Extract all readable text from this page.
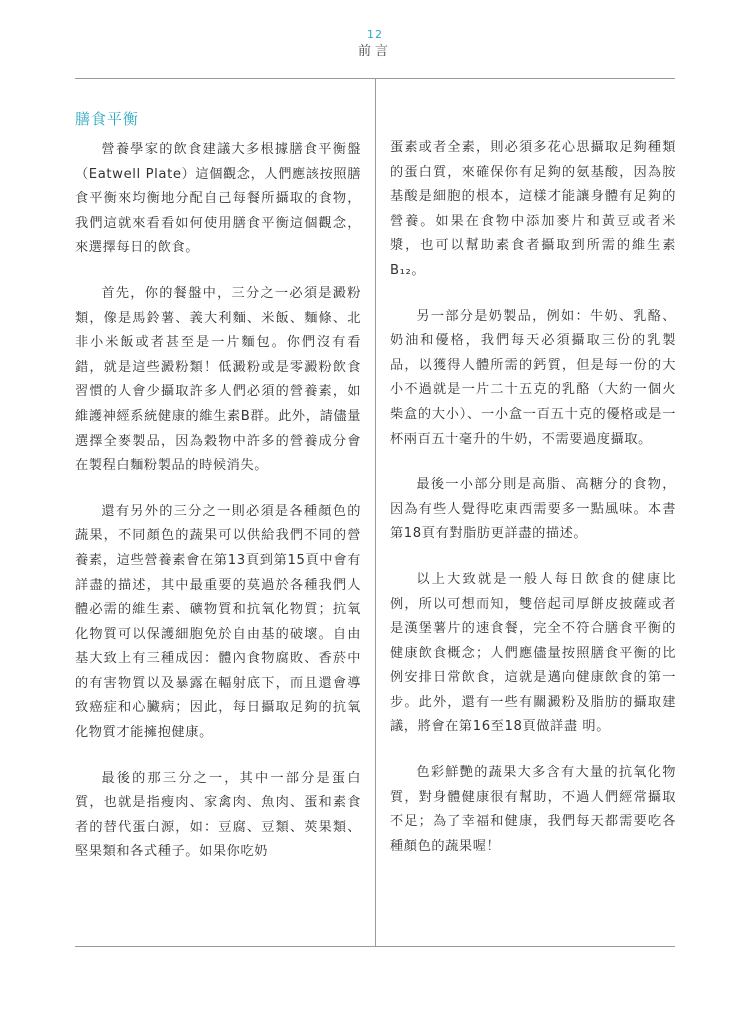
12
前言
膳食平衡

營養學家的飲食建議大多根據膳食平衡盤（Eatwell Plate）這個觀念，人們應該按照膳食平衡來均衡地分配自己每餐所攝取的食物，我們這就來看看如何使用膳食平衡這個觀念，來選擇每日的飲食。

首先，你的餐盤中，三分之一必須是澱粉類，像是馬鈴薯、義大利麵、米飯、麵條、北非小米飯或者甚至是一片麵包。你們沒有看錯，就是這些澱粉類！低澱粉或是零澱粉飲食習慣的人會少攝取許多人們必須的營養素，如維護神經系統健康的維生素B群。此外，請儘量選擇全麥製品，因為穀物中許多的營養成分會在製程白麵粉製品的時候消失。

還有另外的三分之一則必須是各種顏色的蔬果，不同顏色的蔬果可以供給我們不同的營養素，這些營養素會在第13頁到第15頁中會有詳盡的描述，其中最重要的莫過於各種我們人體必需的維生素、礦物質和抗氧化物質；抗氧化物質可以保護細胞免於自由基的破壞。自由基大致上有三種成因：體內食物腐敗、香菸中的有害物質以及暴露在輻射底下，而且還會導致癌症和心臟病；因此，每日攝取足夠的抗氧化物質才能擁抱健康。

最後的那三分之一，其中一部分是蛋白質，也就是指瘦肉、家禽肉、魚肉、蛋和素食者的替代蛋白源，如：豆腐、豆類、莢果類、堅果類和各式種子。如果你吃奶

蛋素或者全素，則必須多花心思攝取足夠種類的蛋白質，來確保你有足夠的氨基酸，因為胺基酸是細胞的根本，這樣才能讓身體有足夠的營養。如果在食物中添加麥片和黃豆或者米漿，也可以幫助素食者攝取到所需的維生素B₁₂。

另一部分是奶製品，例如：牛奶、乳酪、奶油和優格，我們每天必須攝取三份的乳製品，以獲得人體所需的鈣質，但是每一份的大小不過就是一片二十五克的乳酪（大約一個火柴盒的大小）、一小盒一百五十克的優格或是一杯兩百五十毫升的牛奶，不需要過度攝取。

最後一小部分則是高脂、高糖分的食物，因為有些人覺得吃東西需要多一點風味。本書第18頁有對脂肪更詳盡的描述。

以上大致就是一般人每日飲食的健康比例，所以可想而知，雙倍起司厚餅皮披薩或者是漢堡薯片的速食餐，完全不符合膳食平衡的健康飲食概念；人們應儘量按照膳食平衡的比例安排日常飲食，這就是邁向健康飲食的第一步。此外，還有一些有關澱粉及脂肪的攝取建議，將會在第16至18頁做詳盡 明。

色彩鮮艷的蔬果大多含有大量的抗氧化物質，對身體健康很有幫助，不過人們經常攝取不足；為了幸福和健康，我們每天都需要吃各種顏色的蔬果喔！
